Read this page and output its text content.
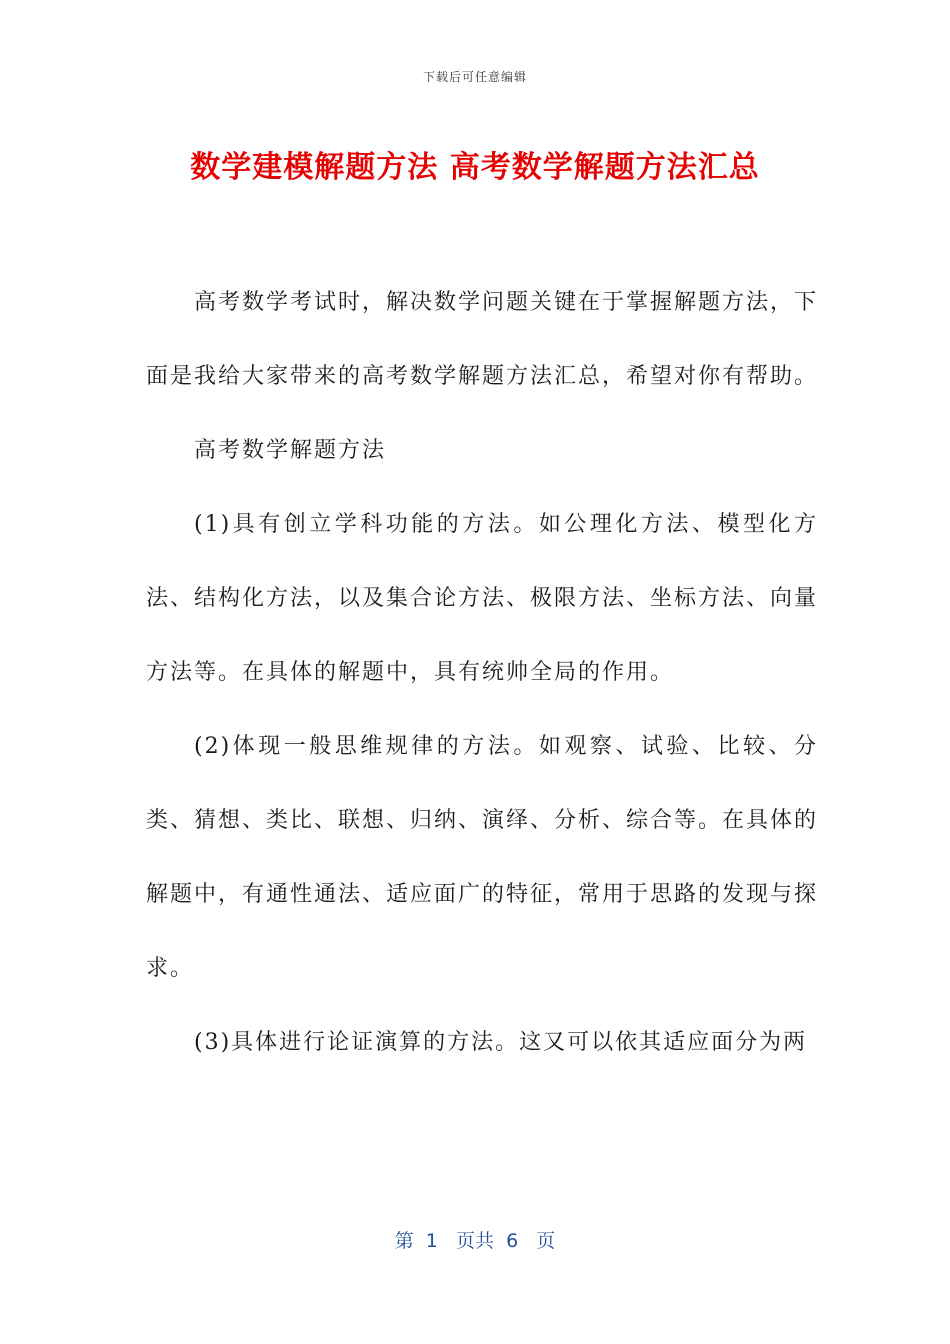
下载后可任意编辑
数学建模解题方法 高考数学解题方法汇总

高考数学考试时，解决数学问题关键在于掌握解题方法，下面是我给大家带来的高考数学解题方法汇总，希望对你有帮助。

高考数学解题方法

(1)具有创立学科功能的方法。如公理化方法、模型化方法、结构化方法，以及集合论方法、极限方法、坐标方法、向量方法等。在具体的解题中，具有统帅全局的作用。

(2)体现一般思维规律的方法。如观察、试验、比较、分类、猜想、类比、联想、归纳、演绎、分析、综合等。在具体的解题中，有通性通法、适应面广的特征，常用于思路的发现与探求。

(3)具体进行论证演算的方法。这又可以依其适应面分为两

第  1   页共  6   页
